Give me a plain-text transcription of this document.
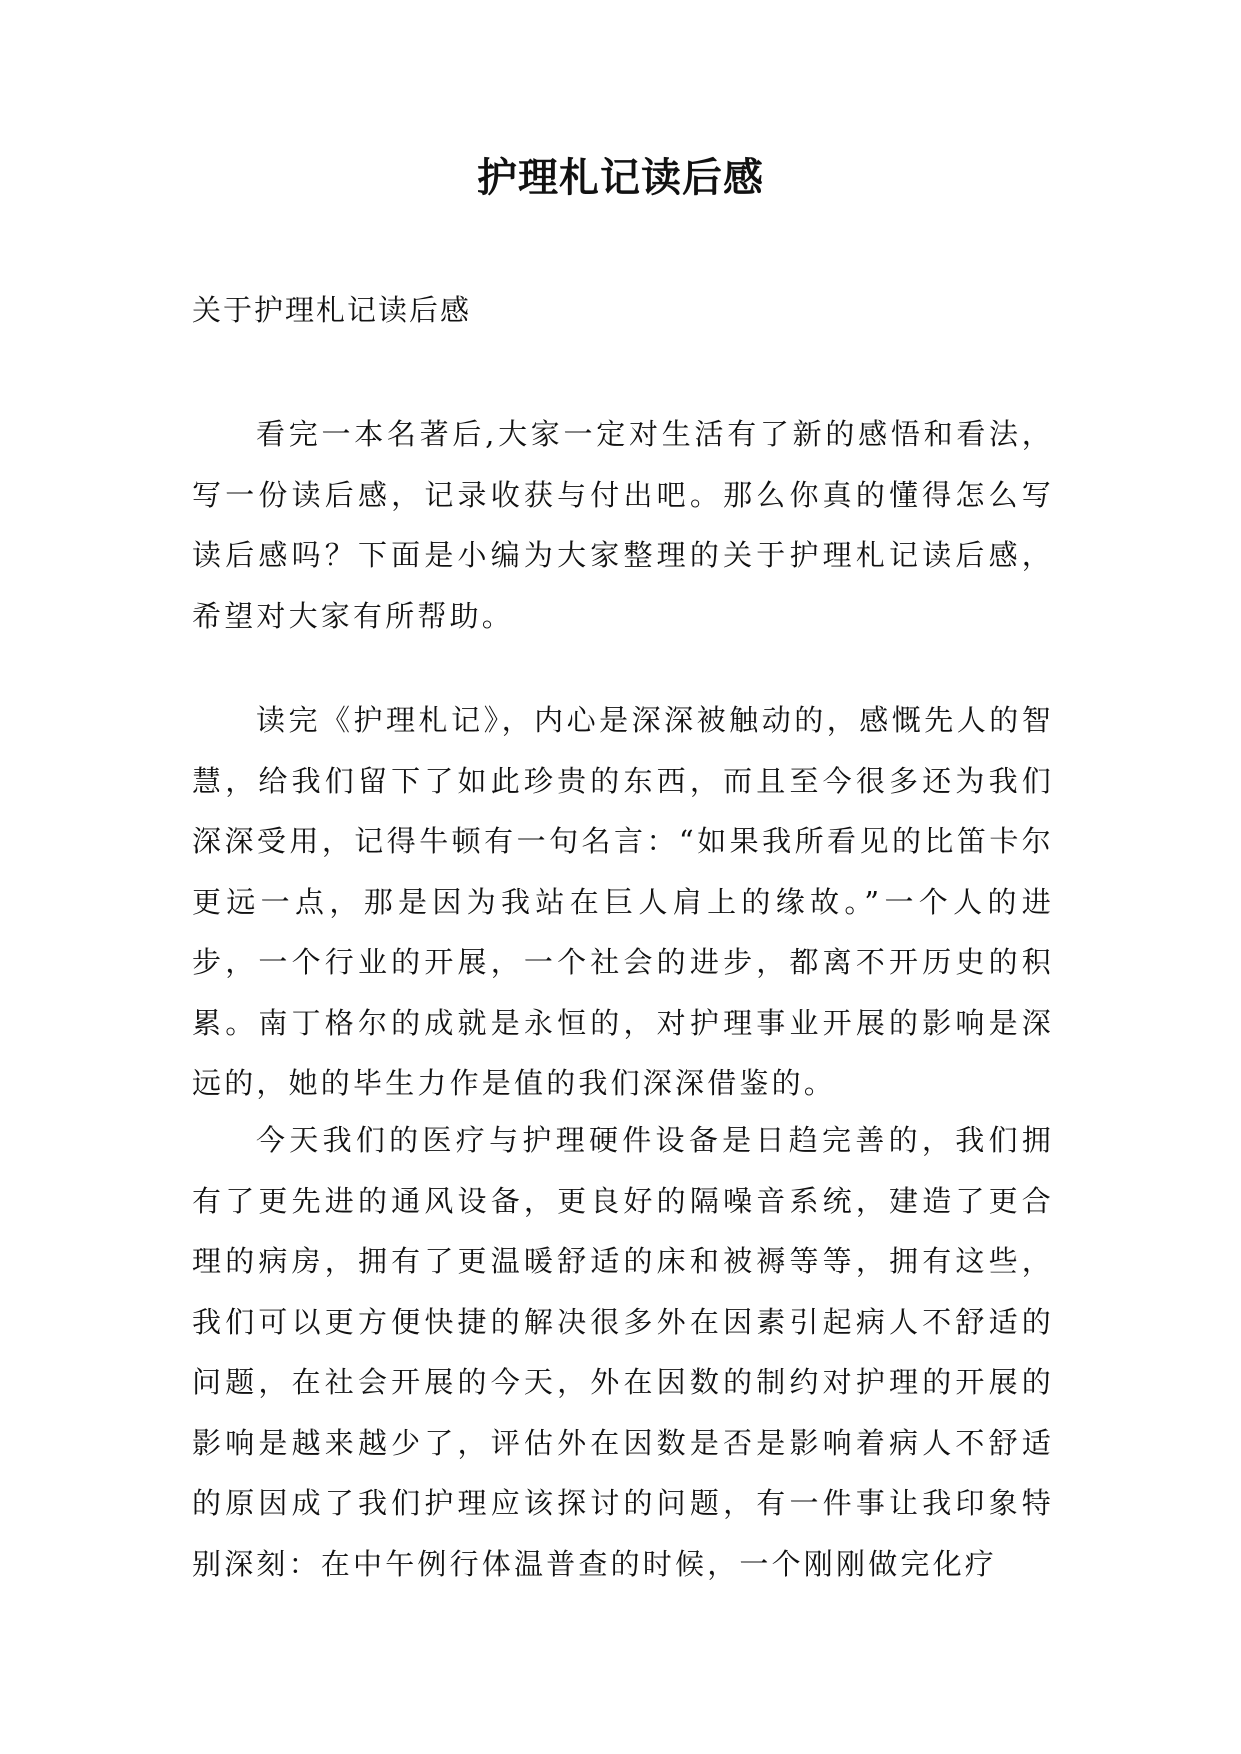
护理札记读后感
关于护理札记读后感

看完一本名著后,大家一定对生活有了新的感悟和看法，写一份读后感，记录收获与付出吧。那么你真的懂得怎么写读后感吗？下面是小编为大家整理的关于护理札记读后感，希望对大家有所帮助。

读完《护理札记》，内心是深深被触动的，感慨先人的智慧，给我们留下了如此珍贵的东西，而且至今很多还为我们深深受用，记得牛顿有一句名言：“如果我所看见的比笛卡尔更远一点，那是因为我站在巨人肩上的缘故。”一个人的进步，一个行业的开展，一个社会的进步，都离不开历史的积累。南丁格尔的成就是永恒的，对护理事业开展的影响是深远的，她的毕生力作是值的我们深深借鉴的。

今天我们的医疗与护理硬件设备是日趋完善的，我们拥有了更先进的通风设备，更良好的隔噪音系统，建造了更合理的病房，拥有了更温暖舒适的床和被褥等等，拥有这些，我们可以更方便快捷的解决很多外在因素引起病人不舒适的问题，在社会开展的今天，外在因数的制约对护理的开展的影响是越来越少了，评估外在因数是否是影响着病人不舒适的原因成了我们护理应该探讨的问题，有一件事让我印象特别深刻：在中午例行体温普查的时候，一个刚刚做完化疗
